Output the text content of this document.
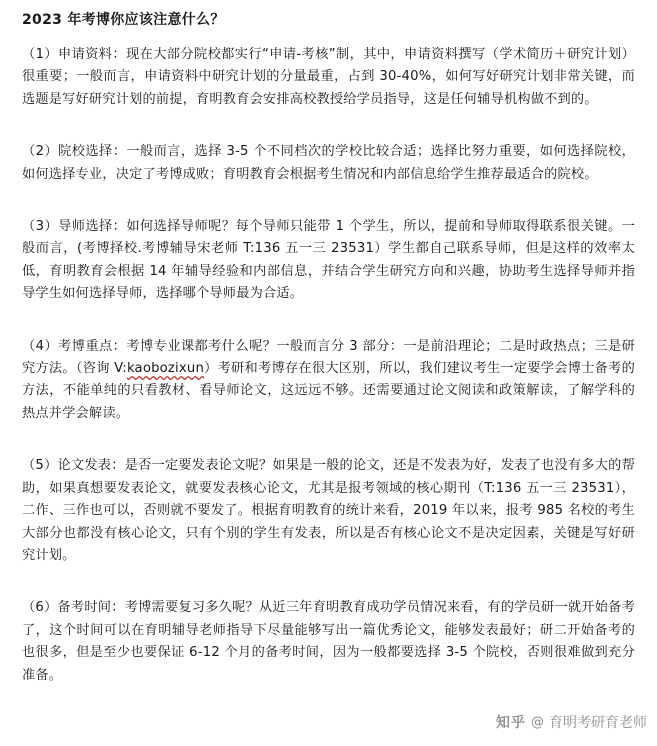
2023 年考博你应该注意什么？
（1）申请资料：现在大部分院校都实行“申请-考核”制，其中，申请资料撰写（学术简历＋研究计划）很重要；一般而言，申请资料中研究计划的分量最重，占到 30-40%，如何写好研究计划非常关键，而选题是写好研究计划的前提，育明教育会安排高校教授给学员指导，这是任何辅导机构做不到的。
（2）院校选择：一般而言，选择 3-5 个不同档次的学校比较合适；选择比努力重要，如何选择院校，如何选择专业，决定了考博成败；育明教育会根据考生情况和内部信息给学生推荐最适合的院校。
（3）导师选择：如何选择导师呢？每个导师只能带 1 个学生，所以，提前和导师取得联系很关键。一般而言，(考博择校.考博辅导宋老师 T:136 五一三 23531）学生都自己联系导师，但是这样的效率太低，育明教育会根据 14 年辅导经验和内部信息，并结合学生研究方向和兴趣，协助考生选择导师并指导学生如何选择导师，选择哪个导师最为合适。
（4）考博重点：考博专业课都考什么呢？一般而言分 3 部分：一是前沿理论；二是时政热点；三是研究方法。（咨询 V:kaobozixun）考研和考博存在很大区别，所以，我们建议考生一定要学会博士备考的方法，不能单纯的只看教材、看导师论文，这远远不够。还需要通过论文阅读和政策解读，了解学科的热点并学会解读。
（5）论文发表：是否一定要发表论文呢？如果是一般的论文，还是不发表为好，发表了也没有多大的帮助，如果真想要发表论文，就要发表核心论文，尤其是报考领域的核心期刊（T:136 五一三 23531），二作、三作也可以，否则就不要发了。根据育明教育的统计来看，2019 年以来，报考 985 名校的考生大部分也都没有核心论文，只有个别的学生有发表，所以是否有核心论文不是决定因素，关键是写好研究计划。
（6）备考时间：考博需要复习多久呢？从近三年育明教育成功学员情况来看，有的学员研一就开始备考了，这个时间可以在育明辅导老师指导下尽量能够写出一篇优秀论文，能够发表最好；研二开始备考的也很多，但是至少也要保证 6-12 个月的备考时间，因为一般都要选择 3-5 个院校，否则很难做到充分准备。
知乎 @ 育明考研育老师
